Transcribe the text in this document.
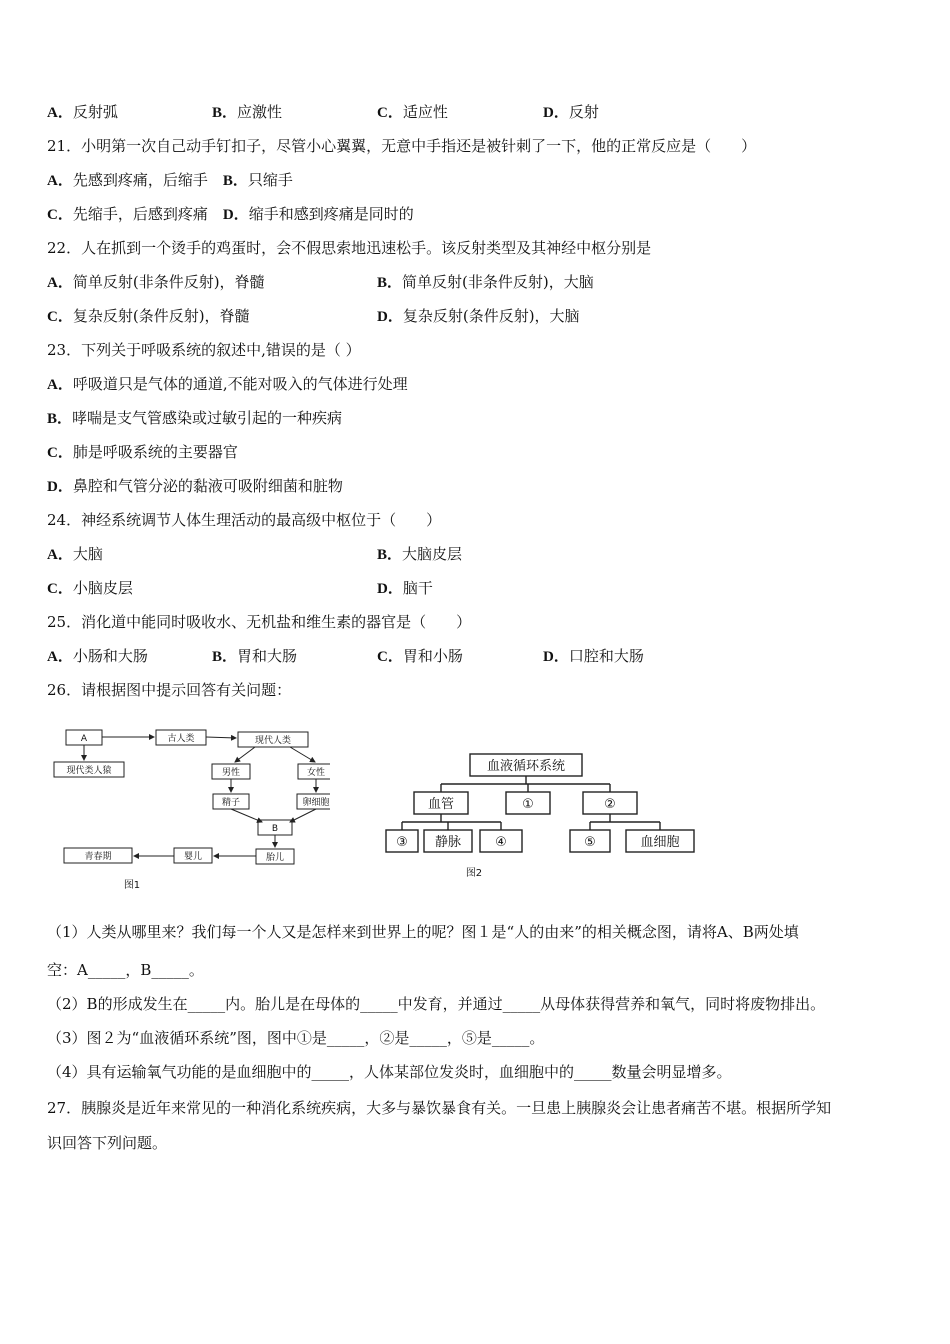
A．反射弧	B．应激性	C．适应性	D．反射
21．小明第一次自己动手钉扣子，尽管小心翼翼，无意中手指还是被针刺了一下，他的正常反应是（　　）
A．先感到疼痛，后缩手  B．只缩手
C．先缩手，后感到疼痛  D．缩手和感到疼痛是同时的
22．人在抓到一个烫手的鸡蛋时，会不假思索地迅速松手。该反射类型及其神经中枢分别是
A．简单反射(非条件反射)，脊髓	B．简单反射(非条件反射)，大脑
C．复杂反射(条件反射)，脊髓	D．复杂反射(条件反射)，大脑
23．下列关于呼吸系统的叙述中,错误的是（ ）
A．呼吸道只是气体的通道,不能对吸入的气体进行处理
B．哮喘是支气管感染或过敏引起的一种疾病
C．肺是呼吸系统的主要器官
D．鼻腔和气管分泌的黏液可吸附细菌和脏物
24．神经系统调节人体生理活动的最高级中枢位于（　　）
A．大脑	B．大脑皮层
C．小脑皮层	D．脑干
25．消化道中能同时吸收水、无机盐和维生素的器官是（　　）
A．小肠和大肠	B．胃和大肠	C．胃和小肠	D．口腔和大肠
26．请根据图中提示回答有关问题：
A	古人类	现代人类
现代类人猿	男性	女性
精子	卵细胞
B
胎儿
婴儿
青春期
图1
血液循环系统
血管	①	②
③ 静脉	④	⑤	血细胞
图2
（1）人类从哪里来？我们每一个人又是怎样来到世界上的呢？图１是“人的由来”的相关概念图，请将A、B两处填
空：A_____，B_____。
（2）B的形成发生在_____内。胎儿是在母体的_____中发育，并通过_____从母体获得营养和氧气，同时将废物排出。
（3）图２为“血液循环系统”图，图中①是_____，②是_____，⑤是_____。
（4）具有运输氧气功能的是血细胞中的_____，人体某部位发炎时，血细胞中的_____数量会明显增多。
27．胰腺炎是近年来常见的一种消化系统疾病，大多与暴饮暴食有关。一旦患上胰腺炎会让患者痛苦不堪。根据所学知
识回答下列问题。
